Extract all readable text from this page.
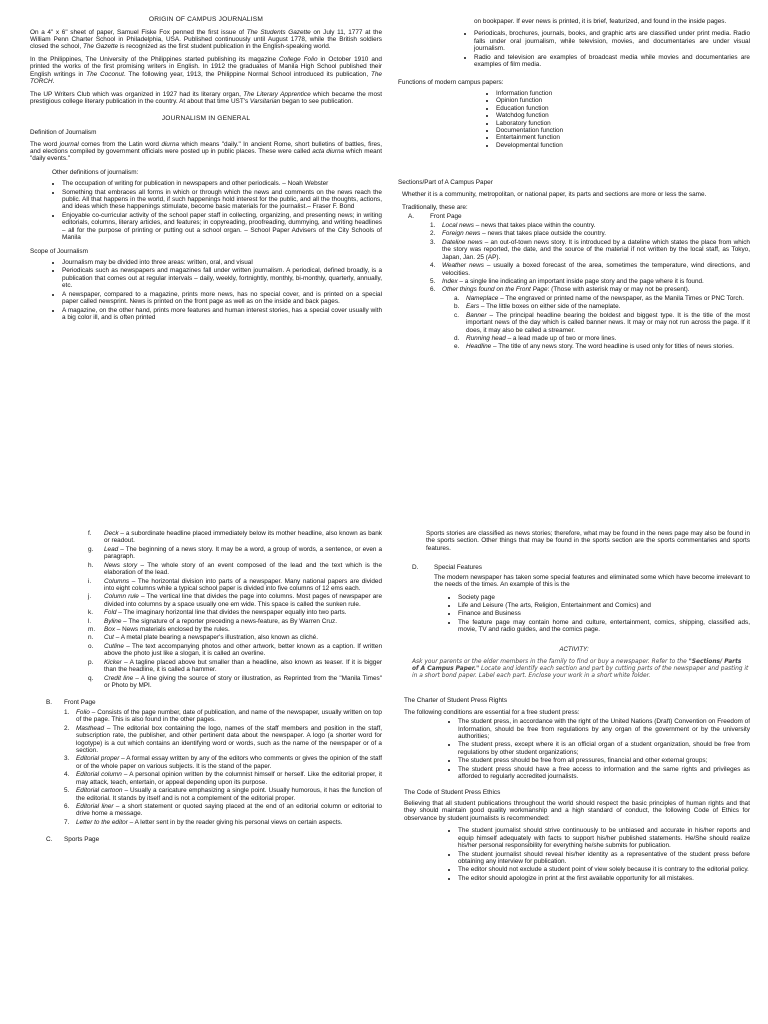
ORIGIN OF CAMPUS JOURNALISM

On a 4" x 6" sheet of paper, Samuel Fiske Fox penned the first issue of The Students Gazette on July 11, 1777 at the William Penn Charter School in Philadelphia, USA. Published continuously until August 1778, while the British soldiers closed the school, The Gazette is recognized as the first student publication in the English-speaking world.

In the Philippines, The University of the Philippines started publishing its magazine College Folio in October 1910 and printed the works of the first promising writers in English. In 1912 the graduates of Manila High School published their English writings in The Coconut. The following year, 1913, the Philippine Normal School introduced its publication, The TORCH.

The UP Writers Club which was organized in 1927 had its literary organ, The Literary Apprentice which became the most prestigious college literary publication in the country. At about that time UST's Varsitarian began to see publication.

JOURNALISM IN GENERAL
Definition of Journalism

The word journal comes from the Latin word diurna which means "daily." In ancient Rome, short bulletins of battles, fires, and elections compiled by government officials were posted up in public places. These were called acta diurna which meant "daily events."

Other definitions of journalism:
• The occupation of writing for publication in newspapers and other periodicals. – Noah Webster
• Something that embraces all forms in which or through which the news and comments on the news reach the public. All that happens in the world, if such happenings hold interest for the public, and all the thoughts, actions, and ideas which these happenings stimulate, become basic materials for the journalist.– Fraser F. Bond
• Enjoyable co-curricular activity of the school paper staff in collecting, organizing, and presenting news; in writing editorials, columns, literary articles, and features; in copyreading, proofreading, dummying, and writing headlines – all for the purpose of printing or putting out a school organ. – School Paper Advisers of the City Schools of Manila
Scope of Journalism
• Journalism may be divided into three areas: written, oral, and visual
• Periodicals such as newspapers and magazines fall under written journalism. A periodical, defined broadly, is a publication that comes out at regular intervals – daily, weekly, fortnightly, monthly, bi-monthly, quarterly, annually, etc.
• A newspaper, compared to a magazine, prints more news, has no special cover, and is printed on a special paper called newsprint. News is printed on the front page as well as on the inside and back pages.
• A magazine, on the other hand, prints more features and human interest stories, has a special cover usually with a big color ill, and is often printed

on bookpaper. If ever news is printed, it is brief, featurized, and found in the inside pages.

• Periodicals, brochures, journals, books, and graphic arts are classified under print media. Radio falls under oral journalism, while television, movies, and documentaries are under visual journalism.
• Radio and television are examples of broadcast media while movies and documentaries are examples of film media.
Functions of modern campus papers:
• Information function
• Opinion function
• Education function
• Watchdog function
• Laboratory function
• Documentation function
• Entertainment function
• Developmental function
Sections/Part of A Campus Paper

Whether it is a community, metropolitan, or national paper, its parts and sections are more or less the same.

Traditionally, these are:
A.	Front Page
1.	Local news – news that takes place within the country.
2.	Foreign news – news that takes place outside the country.
3.	Dateline news – an out-of-town news story. It is introduced by a dateline which states the place from which the story was reported, the date, and the source of the material if not written by the local staff, as Tokyo, Japan, Jan. 25 (AP).
4.	Weather news – usually a boxed forecast of the area, sometimes the temperature, wind directions, and velocities.
5.	Index – a single line indicating an important inside page story and the page where it is found.
6.	Other things found on the Front Page: (Those with asterisk may or may not be present).
a.	Nameplace – The engraved or printed name of the newspaper, as the Manila Times or PNC Torch.
b.	Ears – The little boxes on either side of the nameplate.
c.	Banner – The principal headline bearing the boldest and biggest type. It is the title of the most important news of the day which is called banner news. It may or may not run across the page. If it does, it may also be called a streamer.
d.	Running head – a lead made up of two or more lines.
e.	Headline – The title of any news story. The word headline is used only for titles of news stories.
f.	Deck – a subordinate headline placed immediately below its mother headline, also known as bank or readout.
g.	Lead – The beginning of a news story. It may be a word, a group of words, a sentence, or even a paragraph.
h.	News story – The whole story of an event composed of the lead and the text which is the elaboration of the lead.
i.	Columns – The horizontal division into parts of a newspaper. Many national papers are divided into eight columns while a typical school paper is divided into five columns of 12 ems each.
j.	Column rule – The vertical line that divides the page into columns. Most pages of newspaper are divided into columns by a space usually one em wide. This space is called the sunken rule.
k.	Fold – The imaginary horizontal line that divides the newspaper equally into two parts.
l.	Byline – The signature of a reporter preceding a news-feature, as By Warren Cruz.
m.	Box – News materials enclosed by the rules.
n.	Cut – A metal plate bearing a newspaper's illustration, also known as cliché.
o.	Cutline – The text accompanying photos and other artwork, better known as a caption. If written above the photo just like a slogan, it is called an overline.
p.	Kicker – A tagline placed above but smaller than a headline, also known as teaser. If it is bigger than the headline, it is called a hammer.
q.	Credit line – A line giving the source of story or illustration, as Reprinted from the "Manila Times" or Photo by MPI.
B.	Front Page
1.	Folio – Consists of the page number, date of publication, and name of the newspaper, usually written on top of the page. This is also found in the other pages.
2.	Masthead – The editorial box containing the logo, names of the staff members and position in the staff, subscription rate, the publisher, and other pertinent data about the newspaper. A logo (a shorter word for logotype) is a cut which contains an identifying word or words, such as the name of the newspaper or of a section.
3.	Editorial proper – A formal essay written by any of the editors who comments or gives the opinion of the staff or of the whole paper on various subjects. It is the stand of the paper.
4.	Editorial column – A personal opinion written by the columnist himself or herself. Like the editorial proper, it may attack, teach, entertain, or appeal depending upon its purpose.
5.	Editorial cartoon – Usually a caricature emphasizing a single point. Usually humorous, it has the function of the editorial. It stands by itself and is not a complement of the editorial proper.
6.	Editorial liner – a short statement or quoted saying placed at the end of an editorial column or editorial to drive home a message.
7.	Letter to the editor – A letter sent in by the reader giving his personal views on certain aspects.
C.	Sports Page

Sports stories are classified as news stories; therefore, what may be found in the news page may also be found in the sports section. Other things that may be found in the sports section are the sports commentaries and sports features.

D.	Special Features

The modern newspaper has taken some special features and eliminated some which have become irrelevant to the needs of the times. An example of this is the

• Society page
• Life and Leisure (The arts, Religion, Entertainment and Comics) and
• Finance and Business
• The feature page may contain home and culture, entertainment, comics, shipping, classified ads, movie, TV and radio guides, and the comics page.
ACTIVITY:
Ask your parents or the elder members in the family to find or buy a newspaper. Refer to the "Sections/ Parts of A Campus Paper." Locate and identify each section and part by cutting parts of the newspaper and pasting it in a short bond paper. Label each part. Enclose your work in a short white folder.
The Charter of Student Press Rights
The following conditions are essential for a free student press:
• The student press, in accordance with the right of the United Nations (Draft) Convention on Freedom of Information, should be free from regulations by any organ of the government or by the university authorities;
• The student press, except where it is an official organ of a student organization, should be free from regulations by other student organizations;
• The student press should be free from all pressures, financial and other external groups;
• The student press should have a free access to information and the same rights and privileges as afforded to regularly accredited journalists.
The Code of Student Press Ethics

Believing that all student publications throughout the world should respect the basic principles of human rights and that they should maintain good quality workmanship and a high standard of conduct, the following Code of Ethics for observance by student journalists is recommended:

• The student journalist should strive continuously to be unbiased and accurate in his/her reports and equip himself adequately with facts to support his/her published statements. He/She should realize his/her personal responsibility for everything he/she submits for publication.
• The student journalist should reveal his/her identity as a representative of the student press before obtaining any interview for publication.
• The editor should not exclude a student point of view solely because it is contrary to the editorial policy.
• The editor should apologize in print at the first available opportunity for all mistakes.
